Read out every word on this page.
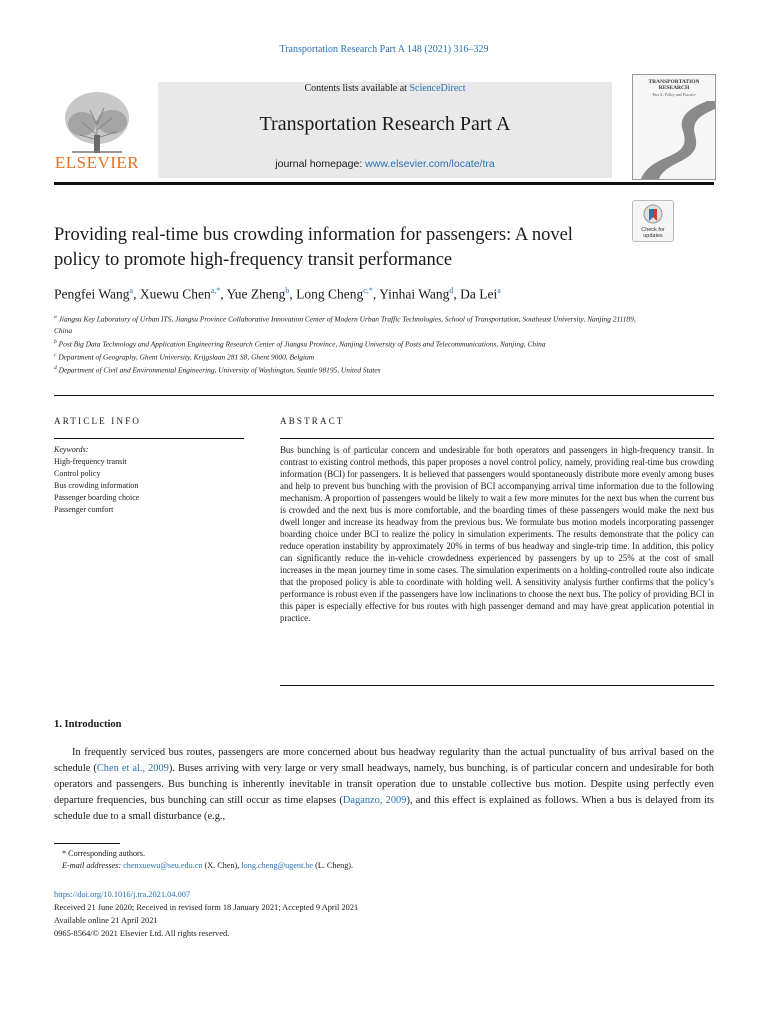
Transportation Research Part A 148 (2021) 316–329
ELSEVIER
Contents lists available at ScienceDirect
Transportation Research Part A
journal homepage: www.elsevier.com/locate/tra
TRANSPORTATION RESEARCH
Part A: Policy and Practice
Check for
updates
Providing real-time bus crowding information for passengers: A novel policy to promote high-frequency transit performance
Pengfei Wang$^a$, Xuewu Chen$^{a,*}$, Yue Zheng$^b$, Long Cheng$^{c,*}$, Yinhai Wang$^d$, Da Lei$^a$
$^a$ Jiangsu Key Laboratory of Urban ITS, Jiangsu Province Collaborative Innovation Center of Modern Urban Traffic Technologies, School of Transportation, Southeast University, Nanjing 211189, China
$^b$ Post Big Data Technology and Application Engineering Research Center of Jiangsu Province, Nanjing University of Posts and Telecommunications, Nanjing, China
$^c$ Department of Geography, Ghent University, Krijgslaan 281 S8, Ghent 9000, Belgium
$^d$ Department of Civil and Environmental Engineering, University of Washington, Seattle 98195, United States
ARTICLE INFO	ABSTRACT
Keywords:
High-frequency transit
Control policy
Bus crowding information
Passenger boarding choice
Passenger comfort
Bus bunching is of particular concern and undesirable for both operators and passengers in high-frequency transit. In contrast to existing control methods, this paper proposes a novel control policy, namely, providing real-time bus crowding information (BCI) for passengers. It is believed that passengers would spontaneously distribute more evenly among buses and help to prevent bus bunching with the provision of BCI accompanying arrival time information due to the following mechanism. A proportion of passengers would be likely to wait a few more minutes for the next bus when the current bus is crowded and the next bus is more comfortable, and the boarding times of these passengers would make the next bus dwell longer and increase its headway from the previous bus. We formulate bus motion models incorporating passenger boarding choice under BCI to realize the policy in simulation experiments. The results demonstrate that the policy can reduce operation instability by approximately 20% in terms of bus headway and single-trip time. In addition, this policy can significantly reduce the in-vehicle crowdedness experienced by passengers by up to 25% at the cost of small increases in the mean journey time in some cases. The simulation experiments on a holding-controlled route also indicate that the proposed policy is able to coordinate with holding well. A sensitivity analysis further confirms that the policy’s performance is robust even if the passengers have low inclinations to choose the next bus. The policy of providing BCI in this paper is especially effective for bus routes with high passenger demand and may have great application potential in practice.
1. Introduction
In frequently serviced bus routes, passengers are more concerned about bus headway regularity than the actual punctuality of bus arrival based on the schedule (Chen et al., 2009). Buses arriving with very large or very small headways, namely, bus bunching, is of particular concern and undesirable for both operators and passengers. Bus bunching is inherently inevitable in transit operation due to unstable collective bus motion. Despite using perfectly even departure frequencies, bus bunching can still occur as time elapses (Daganzo, 2009), and this effect is explained as follows. When a bus is delayed from its schedule due to a small disturbance (e.g.,
* Corresponding authors.
E-mail addresses: chenxuewu@seu.edu.cn (X. Chen), long.cheng@ugent.be (L. Cheng).
https://doi.org/10.1016/j.tra.2021.04.007
Received 21 June 2020; Received in revised form 18 January 2021; Accepted 9 April 2021
Available online 21 April 2021
0965-8564/© 2021 Elsevier Ltd. All rights reserved.
